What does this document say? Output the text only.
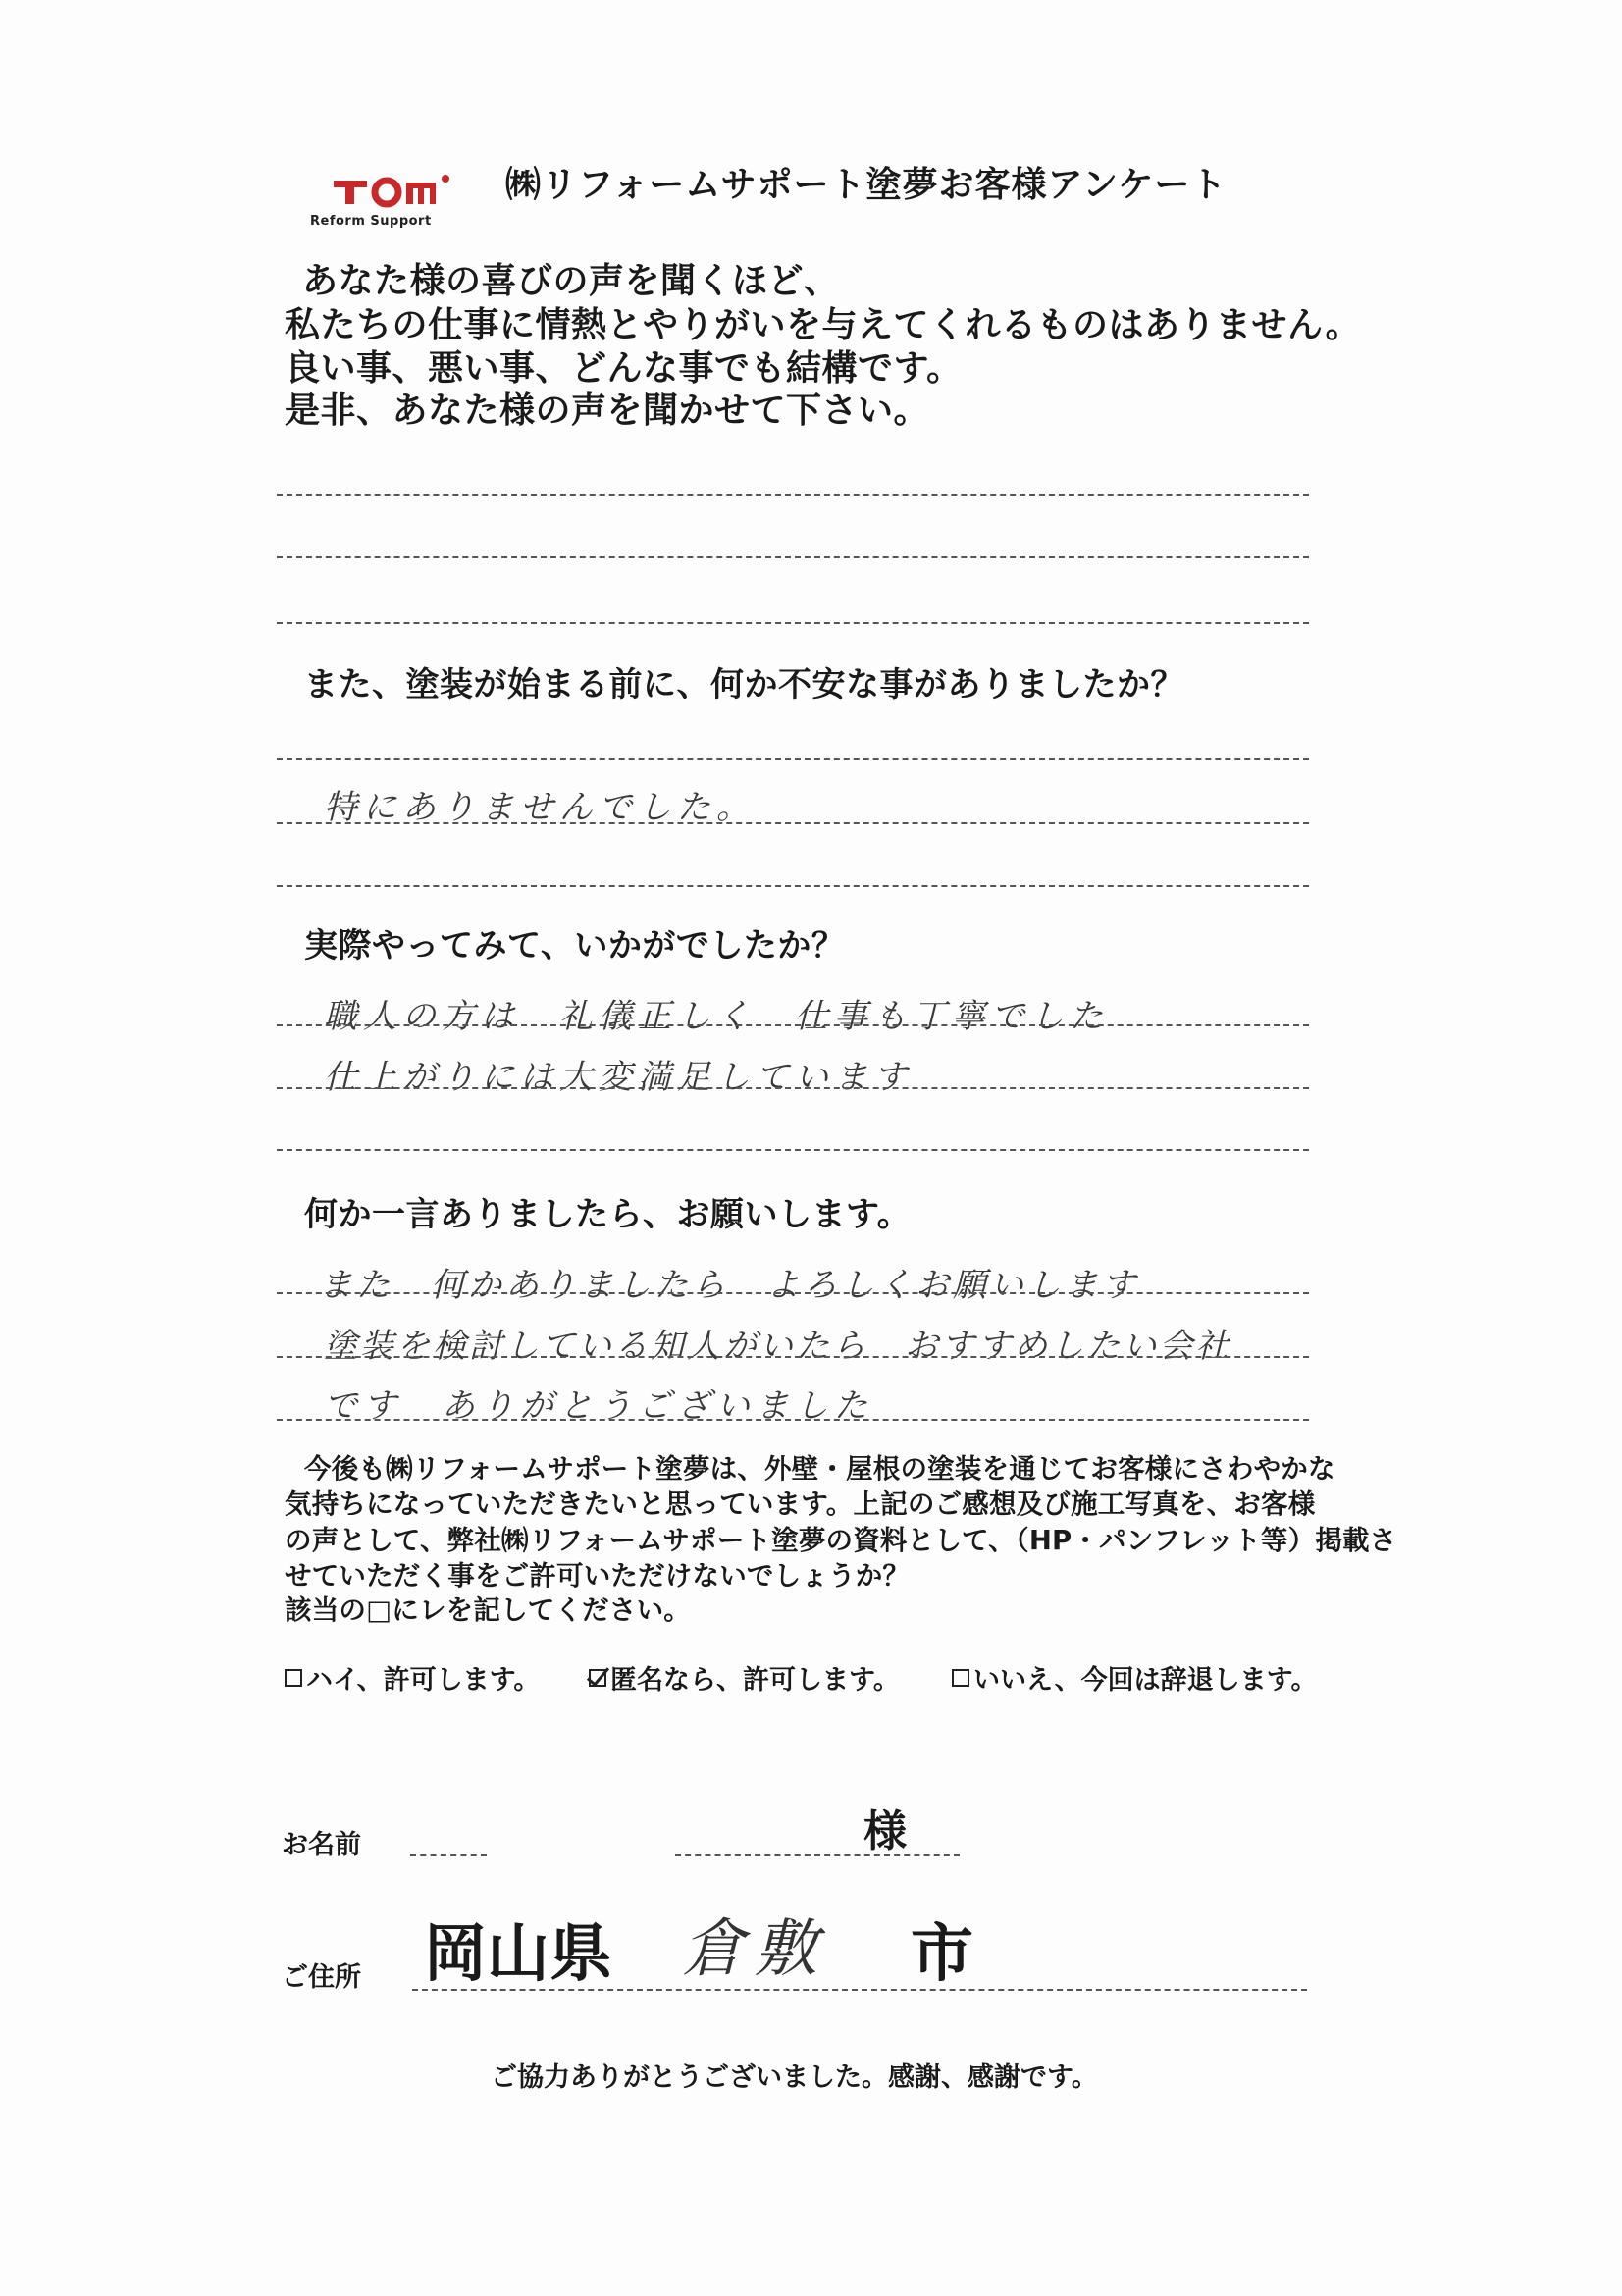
TOM
Reform Support
㈱リフォームサポート塗夢お客様アンケート
あなた様の喜びの声を聞くほど、
私たちの仕事に情熱とやりがいを与えてくれるものはありません。
良い事、悪い事、どんな事でも結構です。
是非、あなた様の声を聞かせて下さい。
また、塗装が始まる前に、何か不安な事がありましたか？
特にありませんでした。
実際やってみて、いかがでしたか？
職人の方は　礼儀正しく　仕事も丁寧でした
仕上がりには大変満足しています
何か一言ありましたら、お願いします。
また　何かありましたら　よろしくお願いします
塗装を検討している知人がいたら　おすすめしたい会社
です　ありがとうございました
今後も㈱リフォームサポート塗夢は、外壁・屋根の塗装を通じてお客様にさわやかな
気持ちになっていただきたいと思っています。上記のご感想及び施工写真を、お客様
の声として、弊社㈱リフォームサポート塗夢の資料として、（HP・パンフレット等）掲載さ
せていただく事をご許可いただけないでしょうか？
該当の□にレを記してください。
ハイ、許可します。	匿名なら、許可します。	いいえ、今回は辞退します。
お名前	様
ご住所 岡山県 倉敷 市
ご協力ありがとうございました。感謝、感謝です。
